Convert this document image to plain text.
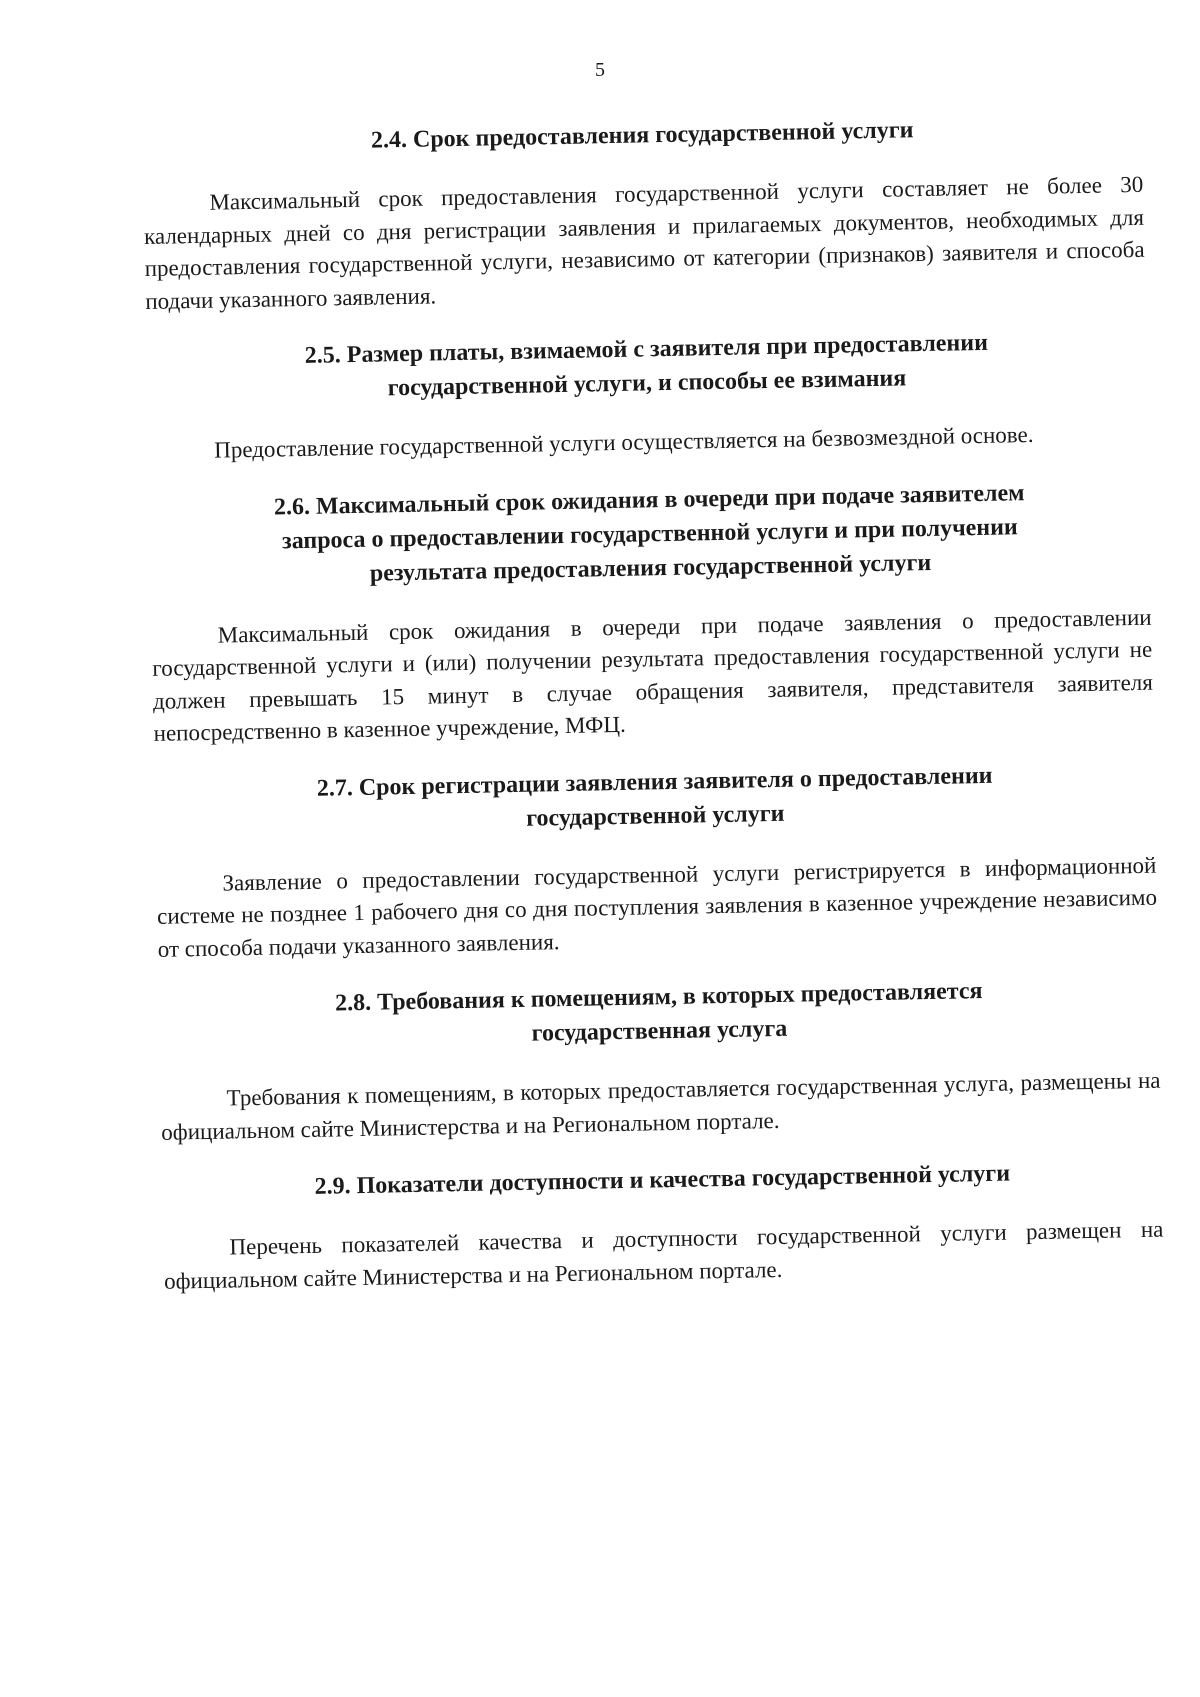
5
2.4. Срок предоставления государственной услуги

Максимальный срок предоставления государственной услуги составляет не более 30 календарных дней со дня регистрации заявления и прилагаемых документов, необходимых для предоставления государственной услуги, независимо от категории (признаков) заявителя и способа подачи указанного заявления.

2.5. Размер платы, взимаемой с заявителя при предоставлении
государственной услуги, и способы ее взимания

Предоставление государственной услуги осуществляется на безвозмездной основе.

2.6. Максимальный срок ожидания в очереди при подаче заявителем
запроса о предоставлении государственной услуги и при получении
результата предоставления государственной услуги

Максимальный срок ожидания в очереди при подаче заявления о предоставлении государственной услуги и (или) получении результата предоставления государственной услуги не должен превышать 15 минут в случае обращения заявителя, представителя заявителя непосредственно в казенное учреждение, МФЦ.

2.7. Срок регистрации заявления заявителя о предоставлении
государственной услуги

Заявление о предоставлении государственной услуги регистрируется в информационной системе не позднее 1 рабочего дня со дня поступления заявления в казенное учреждение независимо от способа подачи указанного заявления.

2.8. Требования к помещениям, в которых предоставляется
государственная услуга

Требования к помещениям, в которых предоставляется государственная услуга, размещены на официальном сайте Министерства и на Региональном портале.

2.9. Показатели доступности и качества государственной услуги

Перечень показателей качества и доступности государственной услуги размещен на официальном сайте Министерства и на Региональном портале.
